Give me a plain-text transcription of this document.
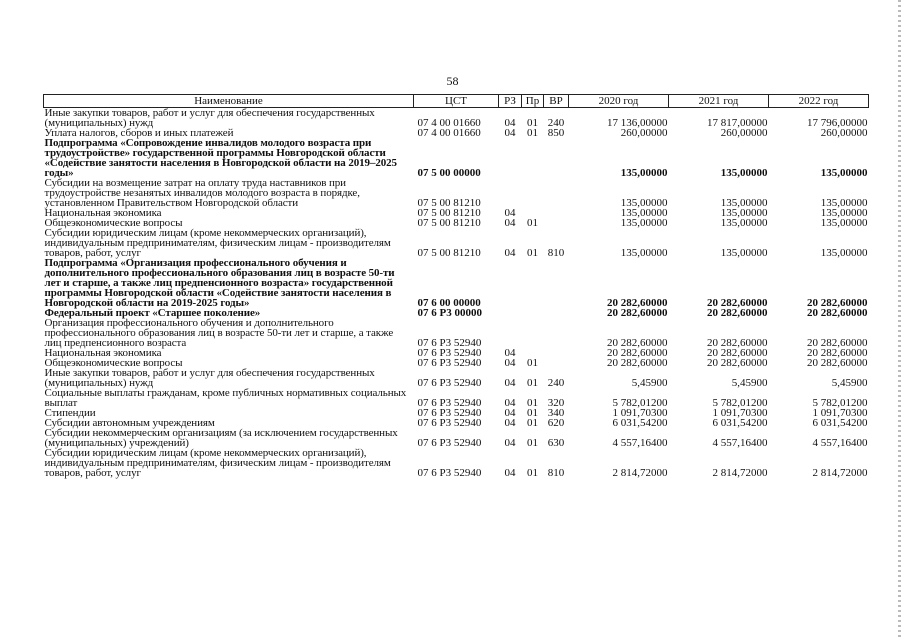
58
Наименование	ЦСТ	РЗ	Пр	ВР	2020 год	2021 год	2022 год
Иные закупки товаров, работ и услуг для обеспечения государственных (муниципальных) нужд	07 4 00 01660	04	01	240	17 136,00000	17 817,00000	17 796,00000
Уплата налогов, сборов и иных платежей	07 4 00 01660	04	01	850	260,00000	260,00000	260,00000
Подпрограмма «Сопровождение инвалидов молодого возраста при трудоустройстве» государственной программы Новгородской области «Содействие занятости населения в Новгородской области на 2019–2025 годы»	07 5 00 00000				135,00000	135,00000	135,00000
Субсидии на возмещение затрат на оплату труда наставников при трудоустройстве незанятых инвалидов молодого возраста в порядке, установленном Правительством Новгородской области	07 5 00 81210				135,00000	135,00000	135,00000
Национальная экономика	07 5 00 81210	04			135,00000	135,00000	135,00000
Общеэкономические вопросы	07 5 00 81210	04	01		135,00000	135,00000	135,00000
Субсидии юридическим лицам (кроме некоммерческих организаций), индивидуальным предпринимателям, физическим лицам - производителям товаров, работ, услуг	07 5 00 81210	04	01	810	135,00000	135,00000	135,00000
Подпрограмма «Организация профессионального обучения и дополнительного профессионального образования лиц в возрасте 50-ти лет и старше, а также лиц предпенсионного возраста» государственной программы Новгородской области «Содействие занятости населения в Новгородской области на 2019-2025 годы»	07 6 00 00000				20 282,60000	20 282,60000	20 282,60000
Федеральный проект «Старшее поколение»	07 6 P3 00000				20 282,60000	20 282,60000	20 282,60000
Организация профессионального обучения и дополнительного профессионального образования лиц в возрасте 50-ти лет и старше, а также лиц предпенсионного возраста	07 6 P3 52940				20 282,60000	20 282,60000	20 282,60000
Национальная экономика	07 6 P3 52940	04			20 282,60000	20 282,60000	20 282,60000
Общеэкономические вопросы	07 6 P3 52940	04	01		20 282,60000	20 282,60000	20 282,60000
Иные закупки товаров, работ и услуг для обеспечения государственных (муниципальных) нужд	07 6 P3 52940	04	01	240	5,45900	5,45900	5,45900
Социальные выплаты гражданам, кроме публичных нормативных социальных выплат	07 6 P3 52940	04	01	320	5 782,01200	5 782,01200	5 782,01200
Стипендии	07 6 P3 52940	04	01	340	1 091,70300	1 091,70300	1 091,70300
Субсидии автономным учреждениям	07 6 P3 52940	04	01	620	6 031,54200	6 031,54200	6 031,54200
Субсидии некоммерческим организациям (за исключением государственных (муниципальных) учреждений)	07 6 P3 52940	04	01	630	4 557,16400	4 557,16400	4 557,16400
Субсидии юридическим лицам (кроме некоммерческих организаций), индивидуальным предпринимателям, физическим лицам - производителям товаров, работ, услуг	07 6 P3 52940	04	01	810	2 814,72000	2 814,72000	2 814,72000
